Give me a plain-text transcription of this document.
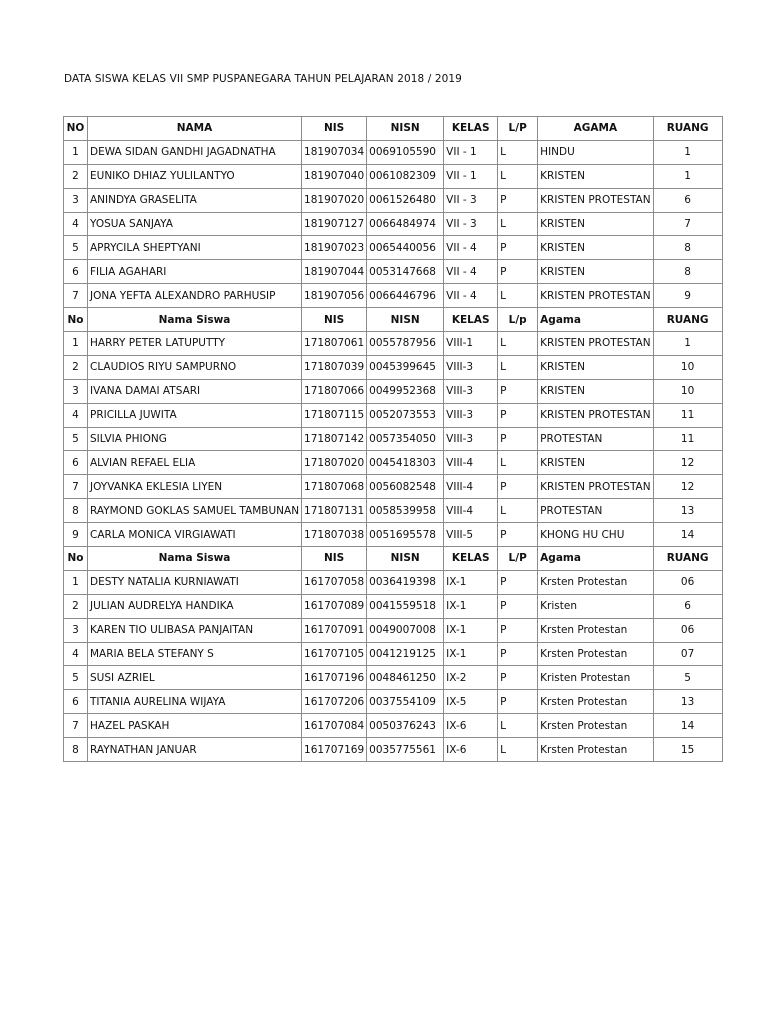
DATA SISWA KELAS VII SMP PUSPANEGARA TAHUN PELAJARAN 2018 / 2019
NO	NAMA	NIS	NISN	KELAS	L/P	AGAMA	RUANG
1	DEWA SIDAN GANDHI JAGADNATHA	181907034	0069105590	VII - 1	L	HINDU	1
2	EUNIKO DHIAZ YULILANTYO	181907040	0061082309	VII - 1	L	KRISTEN	1
3	ANINDYA GRASELITA	181907020	0061526480	VII - 3	P	KRISTEN PROTESTAN	6
4	YOSUA SANJAYA	181907127	0066484974	VII - 3	L	KRISTEN	7
5	APRYCILA SHEPTYANI	181907023	0065440056	VII - 4	P	KRISTEN	8
6	FILIA AGAHARI	181907044	0053147668	VII - 4	P	KRISTEN	8
7	JONA YEFTA ALEXANDRO PARHUSIP	181907056	0066446796	VII - 4	L	KRISTEN PROTESTAN	9
No	Nama Siswa	NIS	NISN	KELAS	L/p	Agama	RUANG
1	HARRY PETER LATUPUTTY	171807061	0055787956	VIII-1	L	KRISTEN PROTESTAN	1
2	CLAUDIOS RIYU SAMPURNO	171807039	0045399645	VIII-3	L	KRISTEN	10
3	IVANA DAMAI ATSARI	171807066	0049952368	VIII-3	P	KRISTEN	10
4	PRICILLA JUWITA	171807115	0052073553	VIII-3	P	KRISTEN PROTESTAN	11
5	SILVIA PHIONG	171807142	0057354050	VIII-3	P	PROTESTAN	11
6	ALVIAN REFAEL ELIA	171807020	0045418303	VIII-4	L	KRISTEN	12
7	JOYVANKA EKLESIA LIYEN	171807068	0056082548	VIII-4	P	KRISTEN PROTESTAN	12
8	RAYMOND GOKLAS SAMUEL TAMBUNAN	171807131	0058539958	VIII-4	L	PROTESTAN	13
9	CARLA MONICA VIRGIAWATI	171807038	0051695578	VIII-5	P	KHONG HU CHU	14
No	Nama Siswa	NIS	NISN	KELAS	L/P	Agama	RUANG
1	DESTY NATALIA KURNIAWATI	161707058	0036419398	IX-1	P	Krsten Protestan	06
2	JULIAN AUDRELYA HANDIKA	161707089	0041559518	IX-1	P	Kristen	6
3	KAREN TIO ULIBASA PANJAITAN	161707091	0049007008	IX-1	P	Krsten Protestan	06
4	MARIA BELA STEFANY S	161707105	0041219125	IX-1	P	Krsten Protestan	07
5	SUSI AZRIEL	161707196	0048461250	IX-2	P	Kristen Protestan	5
6	TITANIA AURELINA WIJAYA	161707206	0037554109	IX-5	P	Krsten Protestan	13
7	HAZEL PASKAH	161707084	0050376243	IX-6	L	Krsten Protestan	14
8	RAYNATHAN JANUAR	161707169	0035775561	IX-6	L	Krsten Protestan	15
